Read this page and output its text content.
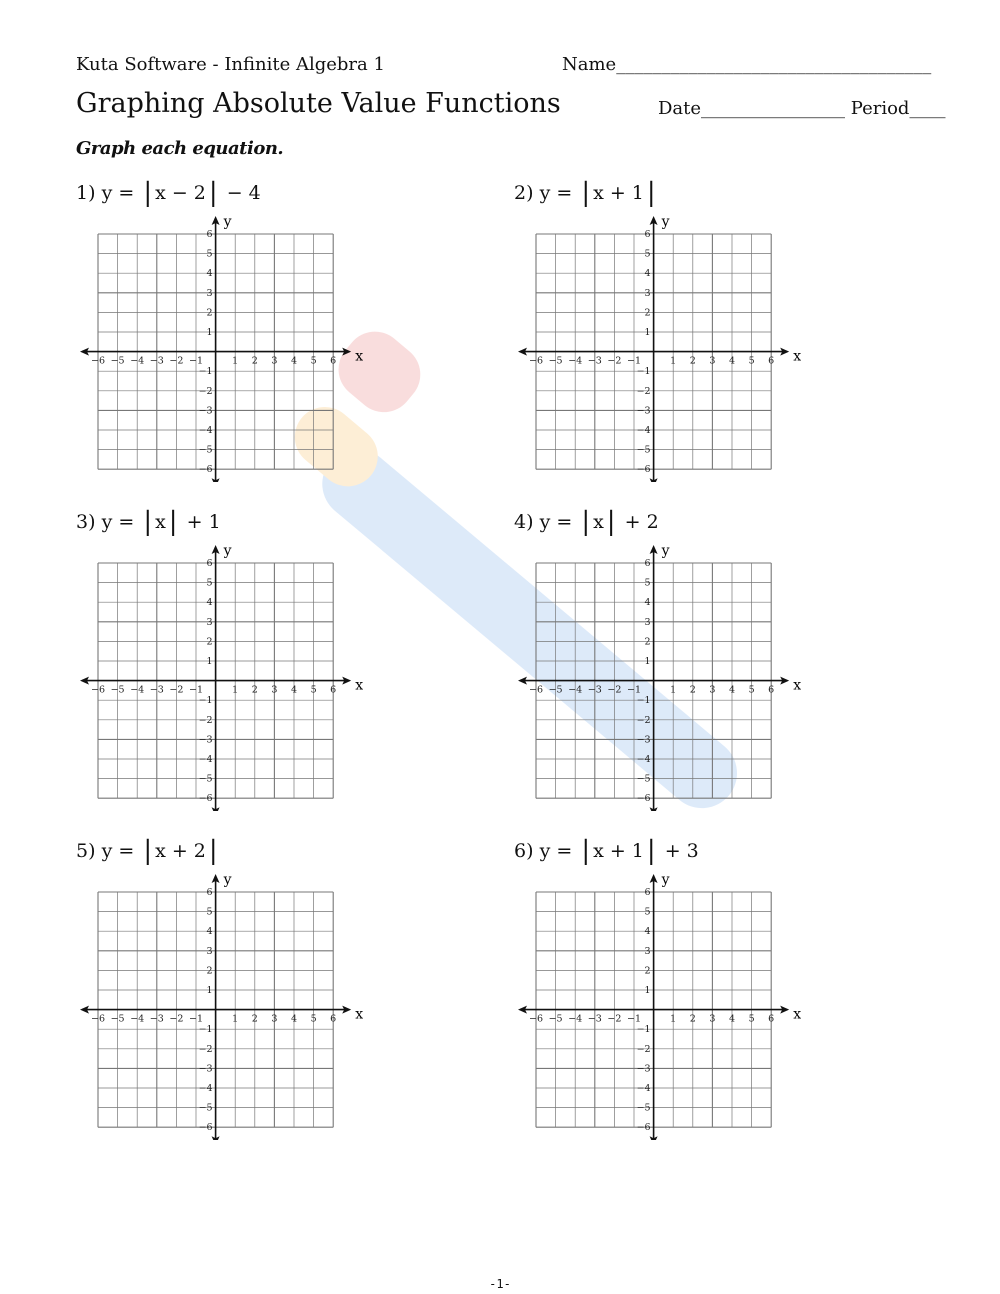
Kuta Software - Infinite Algebra 1	Name___________________________________
Graphing Absolute Value Functions	Date________________ Period____
Graph each equation.
1) y = | x − 2 | − 4
x
y
−6 −5 −4 −3 −2 −1	1 2 3 4 5 6
6
5
4
3
2
1
−1
−2
−3
−4
−5
−6
2) y = | x + 1 |
x
y
−6 −5 −4 −3 −2 −1	1 2 3 4 5 6
6
5
4
3
2
1
−1
−2
−3
−4
−5
−6
3) y = | x | + 1
x
y
−6 −5 −4 −3 −2 −1	1 2 3 4 5 6
6
5
4
3
2
1
−1
−2
−3
−4
−5
−6
4) y = | x | + 2
x
y
−6 −5 −4 −3 −2 −1	1 2 3 4 5 6
6
5
4
3
2
1
−1
−2
−3
−4
−5
−6
5) y = | x + 2 |
x
y
−6 −5 −4 −3 −2 −1	1 2 3 4 5 6
6
5
4
3
2
1
−1
−2
−3
−4
−5
−6
6) y = | x + 1 | + 3
x
y
−6 −5 −4 −3 −2 −1	1 2 3 4 5 6
6
5
4
3
2
1
−1
−2
−3
−4
−5
−6
-1-
